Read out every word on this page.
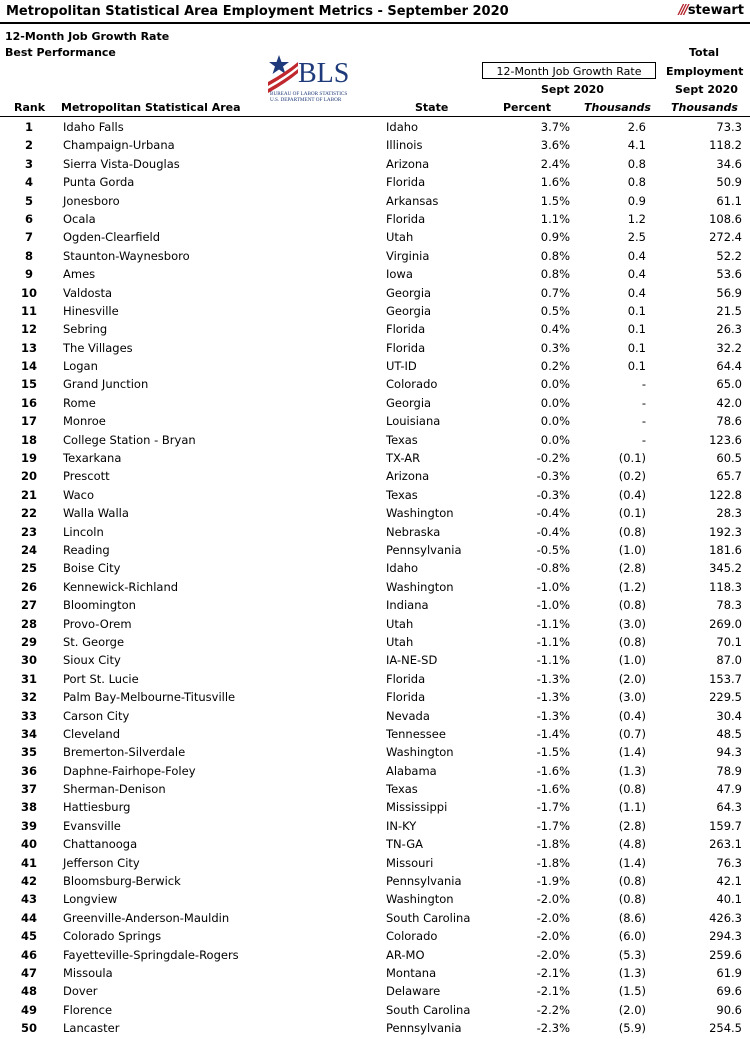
Metropolitan Statistical Area Employment Metrics - September 2020	///stewart
12-Month Job Growth Rate
Best Performance
BLS
BUREAU OF LABOR STATISTICS
U.S. DEPARTMENT OF LABOR
Total
Employment
12-Month Job Growth Rate
Sept 2020	Sept 2020
Rank Metropolitan Statistical Area	State	Percent	Thousands Thousands
1	Idaho Falls	Idaho	3.7%	2.6	73.3
2	Champaign-Urbana	Illinois	3.6%	4.1	118.2
3	Sierra Vista-Douglas	Arizona	2.4%	0.8	34.6
4	Punta Gorda	Florida	1.6%	0.8	50.9
5	Jonesboro	Arkansas	1.5%	0.9	61.1
6	Ocala	Florida	1.1%	1.2	108.6
7	Ogden-Clearfield	Utah	0.9%	2.5	272.4
8	Staunton-Waynesboro	Virginia	0.8%	0.4	52.2
9	Ames	Iowa	0.8%	0.4	53.6
10 Valdosta	Georgia	0.7%	0.4	56.9
11 Hinesville	Georgia	0.5%	0.1	21.5
12 Sebring	Florida	0.4%	0.1	26.3
13 The Villages	Florida	0.3%	0.1	32.2
14 Logan	UT-ID	0.2%	0.1	64.4
15 Grand Junction	Colorado	0.0%	-	65.0
16 Rome	Georgia	0.0%	-	42.0
17 Monroe	Louisiana	0.0%	-	78.6
18 College Station - Bryan	Texas	0.0%	-	123.6
19 Texarkana	TX-AR	-0.2%	(0.1)	60.5
20 Prescott	Arizona	-0.3%	(0.2)	65.7
21 Waco	Texas	-0.3%	(0.4)	122.8
22 Walla Walla	Washington	-0.4%	(0.1)	28.3
23 Lincoln	Nebraska	-0.4%	(0.8)	192.3
24 Reading	Pennsylvania	-0.5%	(1.0)	181.6
25 Boise City	Idaho	-0.8%	(2.8)	345.2
26 Kennewick-Richland	Washington	-1.0%	(1.2)	118.3
27 Bloomington	Indiana	-1.0%	(0.8)	78.3
28 Provo-Orem	Utah	-1.1%	(3.0)	269.0
29 St. George	Utah	-1.1%	(0.8)	70.1
30 Sioux City	IA-NE-SD	-1.1%	(1.0)	87.0
31 Port St. Lucie	Florida	-1.3%	(2.0)	153.7
32 Palm Bay-Melbourne-Titusville	Florida	-1.3%	(3.0)	229.5
33 Carson City	Nevada	-1.3%	(0.4)	30.4
34 Cleveland	Tennessee	-1.4%	(0.7)	48.5
35 Bremerton-Silverdale	Washington	-1.5%	(1.4)	94.3
36 Daphne-Fairhope-Foley	Alabama	-1.6%	(1.3)	78.9
37 Sherman-Denison	Texas	-1.6%	(0.8)	47.9
38 Hattiesburg	Mississippi	-1.7%	(1.1)	64.3
39 Evansville	IN-KY	-1.7%	(2.8)	159.7
40 Chattanooga	TN-GA	-1.8%	(4.8)	263.1
41 Jefferson City	Missouri	-1.8%	(1.4)	76.3
42 Bloomsburg-Berwick	Pennsylvania	-1.9%	(0.8)	42.1
43 Longview	Washington	-2.0%	(0.8)	40.1
44 Greenville-Anderson-Mauldin	South Carolina	-2.0%	(8.6)	426.3
45 Colorado Springs	Colorado	-2.0%	(6.0)	294.3
46 Fayetteville-Springdale-Rogers	AR-MO	-2.0%	(5.3)	259.6
47 Missoula	Montana	-2.1%	(1.3)	61.9
48 Dover	Delaware	-2.1%	(1.5)	69.6
49 Florence	South Carolina	-2.2%	(2.0)	90.6
50 Lancaster	Pennsylvania	-2.3%	(5.9)	254.5
